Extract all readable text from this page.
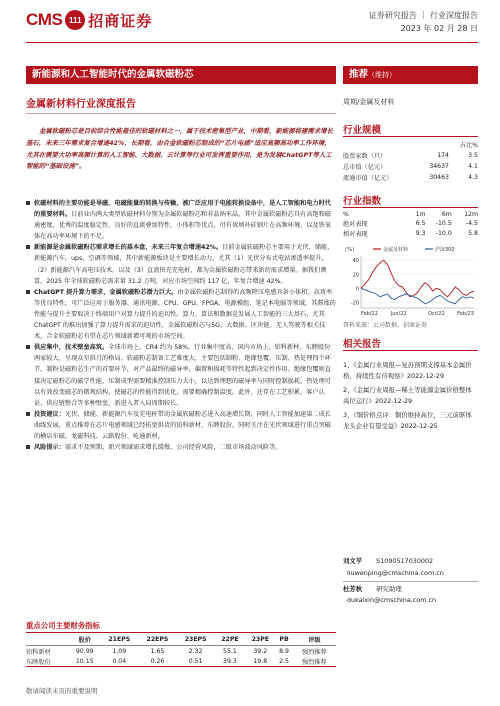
CMS 111 招商证券	证券研究报告 ｜ 行业深度报告
2023 年 02 月 28 日
新能源和人工智能时代的金属软磁粉芯	推荐（维持）
金属新材料行业深度报告
金属软磁粉芯是目前综合性能最佳的软磁材料之一，属于技术密集型产业，中期看，新能源将建需求增长基石，未来三年需求复合增速42%，长期看，由合金软磁粉芯制成的“芯片电感”适应高频高功率工作环境，尤其在需要大功率高频计算的人工智能、大数据、云计算等行业可发挥重要作用，是为发展ChatGPT等人工智能的“基础设施”。
软磁材料的主要功能是导磁、电磁能量的转换与传输，被广泛应用于电能转换设备中，是人工智能和电力时代的重要材料。目前业内两大类型软磁材料分别为金属软磁粉芯和非晶纳米晶，其中金属软磁粉芯具有高饱和磁通密度、优秀的温度稳定性、良好的直流叠加特性、小体积等优点，可有效填补硅钢片在高频环境、以及铁氧体在高功率环境下的不足。
新能源是金属软磁粉芯需求增长的基本盘，未来三年复合增速42%。目前金属软磁粉芯主要用于光伏、储能、新能源汽车、ups、空调等领域，其中新能源板块是主要增长动力，尤其（1）光伏分布式电站渗透率提升，（2）新能源汽车高电压技术，以及（3）直流快充充电桩，都为金属软磁粉芯带来新的需求增量。据我们测算，2025 年全球软磁粉芯需求量 31.2 万吨，对应市场空间约 117 亿，年复合增速 42%。
ChatGPT 提升算力需求，金属软磁粉芯潜力巨大。由金属软磁粉芯制得的高频降压电感具备小体积、高效率等优良特性，可广泛应用于服务器、通讯电源、CPU、GPU、FPGA、电源模组、笔记本电脑等领域，其滞涨的性能与提升主要取决于终端用户对算力提升的迫切性。算力、算法和数据是发展人工智能的三大基石，尤其ChatGPT 的推出加强了算力提升需求的迫切性，金属软磁粉芯与5G、大数据、区块链、无人驾驶等相关技术，合金软磁粉芯有望在芯片领域新增可观的市场空间。
供应集中，技术壁垒高筑。全球市场上，CR4 约为 58%，行业集中度高，国内市场上，铂科新材、东睦股份两家较大，呈现众星拱月的格局。软磁粉芯制备工艺难度大，主要包括制粉、绝缘包覆、压制、热处理四个环节，制粉是磁粉芯生产的首要环节，对产品最终的磁导率、偏置和损耗等特性起到决定性作用。绝缘包覆则直接决定磁粉芯的磁学性能。压制成型需要精准控制压力大小，以达到理想的磁导率与同时控制损耗。热处理可以有效改变磁芯的微观结构，使磁芯的性能得到优化，需要精确控制温度。此外，还存在工艺积累、客户认证、供应链整合等多种壁垒，新进入者入局周期较长。
投资建议：光伏、储能、新能源汽车及充电桩带动金属软磁粉芯进入高速增长期，同时人工智能加速第二成长曲线发展，重点推荐在芯片电感领域已经拓宽供货的铂科新材，东睦股份，同时关注在光伏领域进行重点突破的横店东磁、龙磁科技、云路股份、屹通新材。
风险提示：需求不及预期、新兴领域需求增长缓慢，公司经营风险，二级市场波动风险等。
重点公司主要财务指标
	股价	21EPS	22EPS	23EPS	22PE	23PE	PB	评级
铂科新材	90.99	1.09	1.65	2.32	55.1	39.2	8.9	强烈推荐
东睦股份	10.15	0.04	0.26	0.51	39.3	19.8	2.5	强烈推荐
敬请阅读末页的重要说明
周期/金属及材料
行业规模
		占比%
股票家数（只）	174	3.5
总市值（亿元）	34637	4.1
流通市值（亿元）	30463	4.3
行业指数
%	1m	6m	12m
绝对表现	6.5	-10.5	-4.5
相对表现	9.3	-10.0	5.8
(%)	金属及材料	沪深300
40
20
0
-20
Feb/22	Jun/22	Oct/22 Feb/23
资料来源：公司数据、招商证券
相关报告
1、《金属行业周报—复苏预期支撑基本金属价格，持续性有待观察》2022-12-29
2、《金属行业周报—稀土等能源金属价格整体高位运行》2022-12-29
3、《铜价格点评：铜价维持高位，三元前驱体龙头企业有望受益》2022-12-25
刘文平 S1090517030002
liuwenping@cmschina.com.cn
杜芳秋 研究助理
dukaixin@cmschina.com.cn
